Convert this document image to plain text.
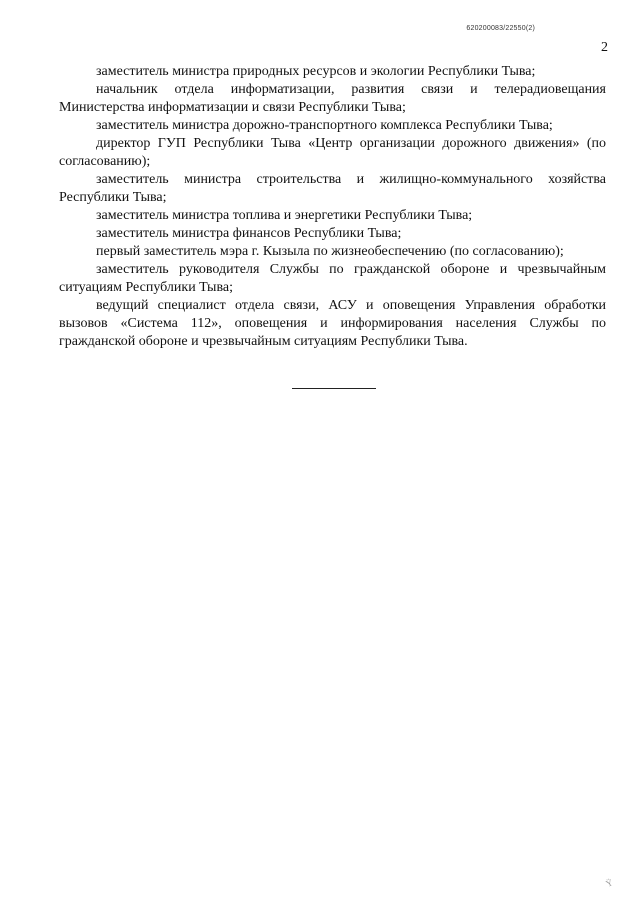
620200083/22550(2)
2

заместитель министра природных ресурсов и экологии Республики Тыва;

начальник отдела информатизации, развития связи и телерадиовещания Министерства информатизации и связи Республики Тыва;

заместитель министра дорожно-транспортного комплекса Республики Тыва;

директор ГУП Республики Тыва «Центр организации дорожного движения» (по согласованию);

заместитель министра строительства и жилищно-коммунального хозяйства Республики Тыва;

заместитель министра топлива и энергетики Республики Тыва;

заместитель министра финансов Республики Тыва;

первый заместитель мэра г. Кызыла по жизнеобеспечению (по согласованию);

заместитель руководителя Службы по гражданской обороне и чрезвычайным ситуациям Республики Тыва;

ведущий специалист отдела связи, АСУ и оповещения Управления обработки вызовов «Система 112», оповещения и информирования населения Службы по гражданской обороне и чрезвычайным ситуациям Республики Тыва.

Ÿ
